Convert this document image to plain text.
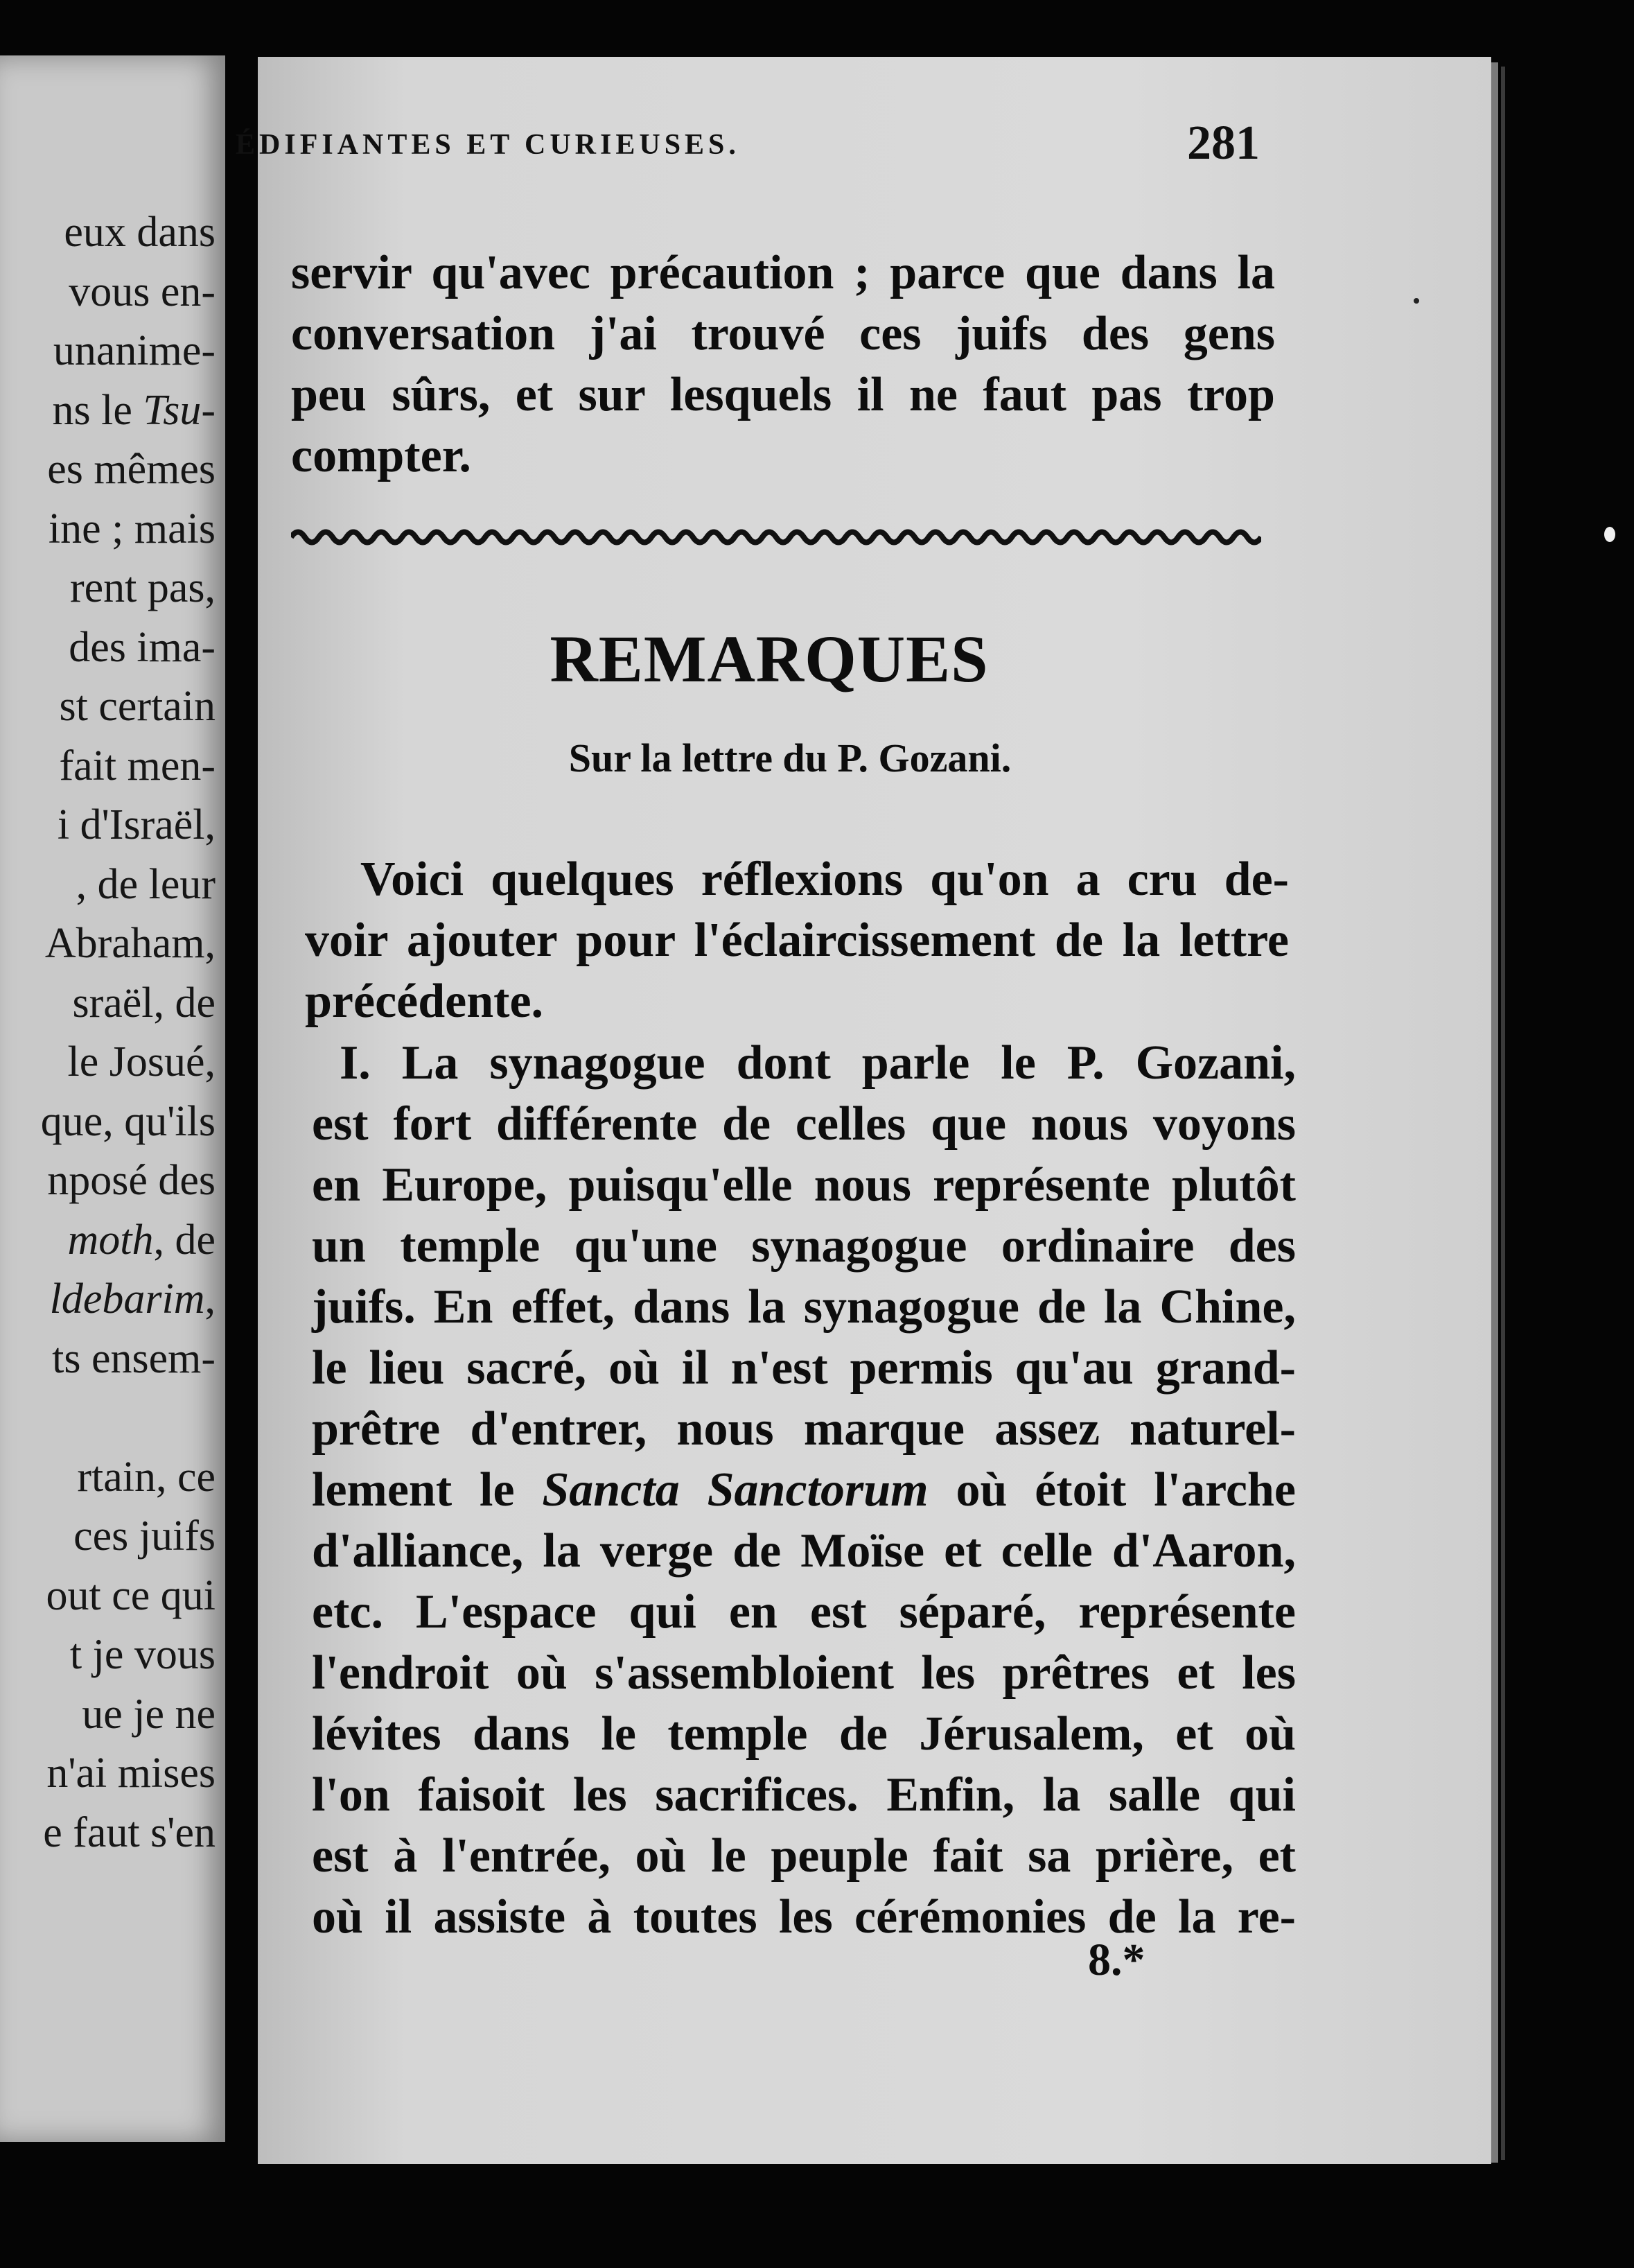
eux dans
vous en-
unanime-
ns le Tsu-
es mêmes
ine ; mais
rent pas,
des ima-
st certain
fait men-
i d'Israël,
, de leur
Abraham,
sraël, de
le Josué,
que, qu'ils
nposé des
moth, de
ldebarim,
ts ensem-
rtain, ce
ces juifs
out ce qui
t je vous
ue je ne
n'ai mises
e faut s'en
ÉDIFIANTES ET CURIEUSES.	281
servir qu'avec précaution ; parce que dans la
conversation j'ai trouvé ces juifs des gens
peu sûrs, et sur lesquels il ne faut pas trop
compter.
REMARQUES
Sur la lettre du P. Gozani.
Voici quelques réflexions qu'on a cru de-
voir ajouter pour l'éclaircissement de la lettre
précédente.
I. La synagogue dont parle le P. Gozani,
est fort différente de celles que nous voyons
en Europe, puisqu'elle nous représente plutôt
un temple qu'une synagogue ordinaire des
juifs. En effet, dans la synagogue de la Chine,
le lieu sacré, où il n'est permis qu'au grand-
prêtre d'entrer, nous marque assez naturel-
lement le Sancta Sanctorum où étoit l'arche
d'alliance, la verge de Moïse et celle d'Aaron,
etc. L'espace qui en est séparé, représente
l'endroit où s'assembloient les prêtres et les
lévites dans le temple de Jérusalem, et où
l'on faisoit les sacrifices. Enfin, la salle qui
est à l'entrée, où le peuple fait sa prière, et
où il assiste à toutes les cérémonies de la re-
8.*
